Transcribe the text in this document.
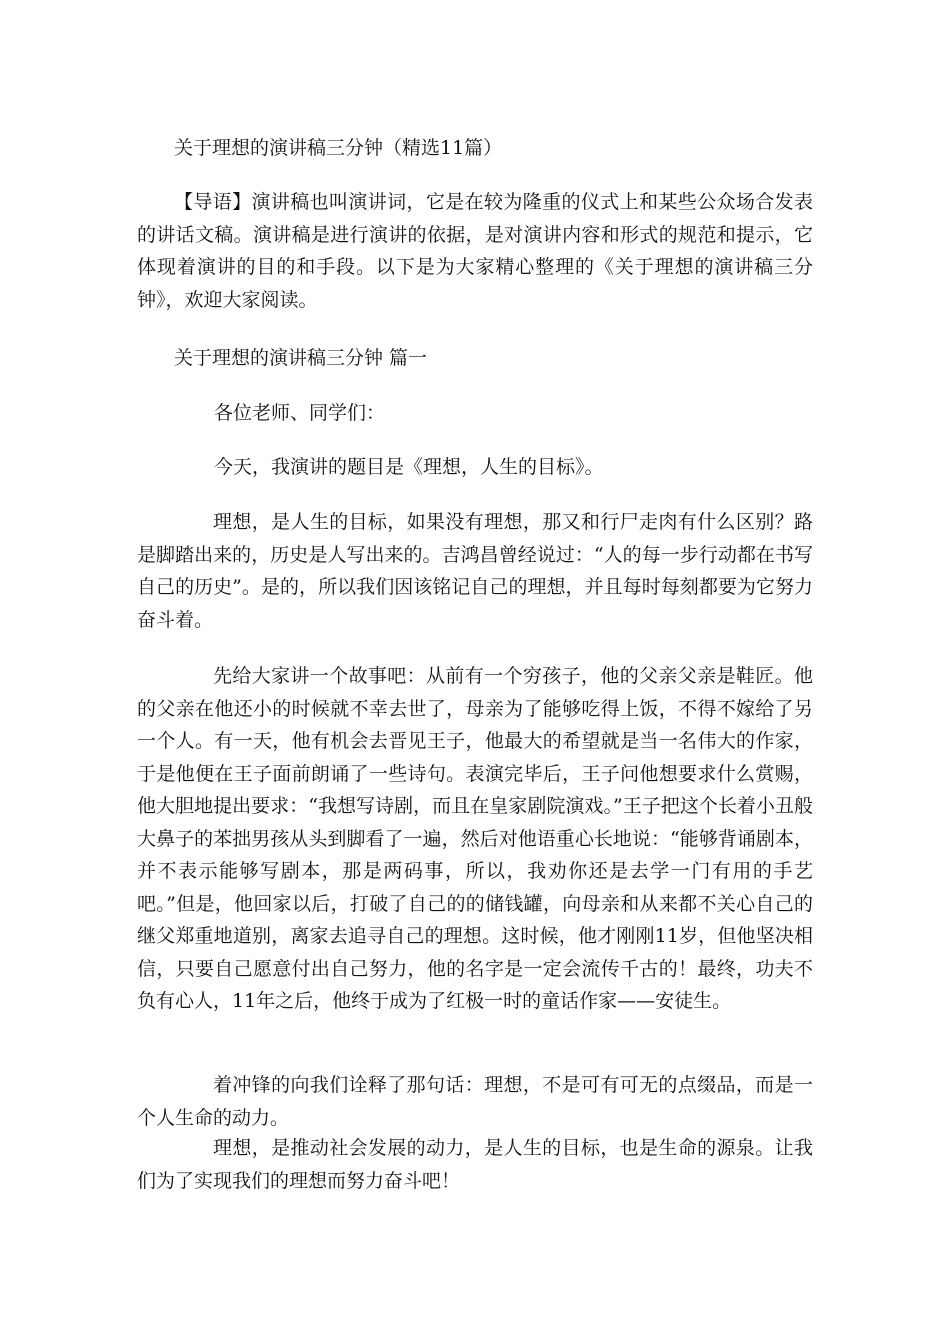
关于理想的演讲稿三分钟（精选11篇）
【导语】演讲稿也叫演讲词，它是在较为隆重的仪式上和某些公众场合发表的讲话文稿。演讲稿是进行演讲的依据，是对演讲内容和形式的规范和提示，它体现着演讲的目的和手段。以下是为大家精心整理的《关于理想的演讲稿三分钟》，欢迎大家阅读。
关于理想的演讲稿三分钟 篇一
各位老师、同学们：
今天，我演讲的题目是《理想，人生的目标》。
理想，是人生的目标，如果没有理想，那又和行尸走肉有什么区别？路是脚踏出来的，历史是人写出来的。吉鸿昌曾经说过：“人的每一步行动都在书写自己的历史”。是的，所以我们因该铭记自己的理想，并且每时每刻都要为它努力奋斗着。
先给大家讲一个故事吧：从前有一个穷孩子，他的父亲父亲是鞋匠。他的父亲在他还小的时候就不幸去世了，母亲为了能够吃得上饭，不得不嫁给了另一个人。有一天，他有机会去晋见王子，他最大的希望就是当一名伟大的作家，于是他便在王子面前朗诵了一些诗句。表演完毕后，王子问他想要求什么赏赐，他大胆地提出要求：“我想写诗剧，而且在皇家剧院演戏。”王子把这个长着小丑般大鼻子的苯拙男孩从头到脚看了一遍，然后对他语重心长地说：“能够背诵剧本，并不表示能够写剧本，那是两码事，所以，我劝你还是去学一门有用的手艺吧。”但是，他回家以后，打破了自己的的储钱罐，向母亲和从来都不关心自己的继父郑重地道别，离家去追寻自己的理想。这时候，他才刚刚11岁，但他坚决相信，只要自己愿意付出自己努力，他的名字是一定会流传千古的！最终，功夫不负有心人，11年之后，他终于成为了红极一时的童话作家——安徒生。
着冲锋的向我们诠释了那句话：理想，不是可有可无的点缀品，而是一个人生命的动力。
理想，是推动社会发展的动力，是人生的目标，也是生命的源泉。让我们为了实现我们的理想而努力奋斗吧！
